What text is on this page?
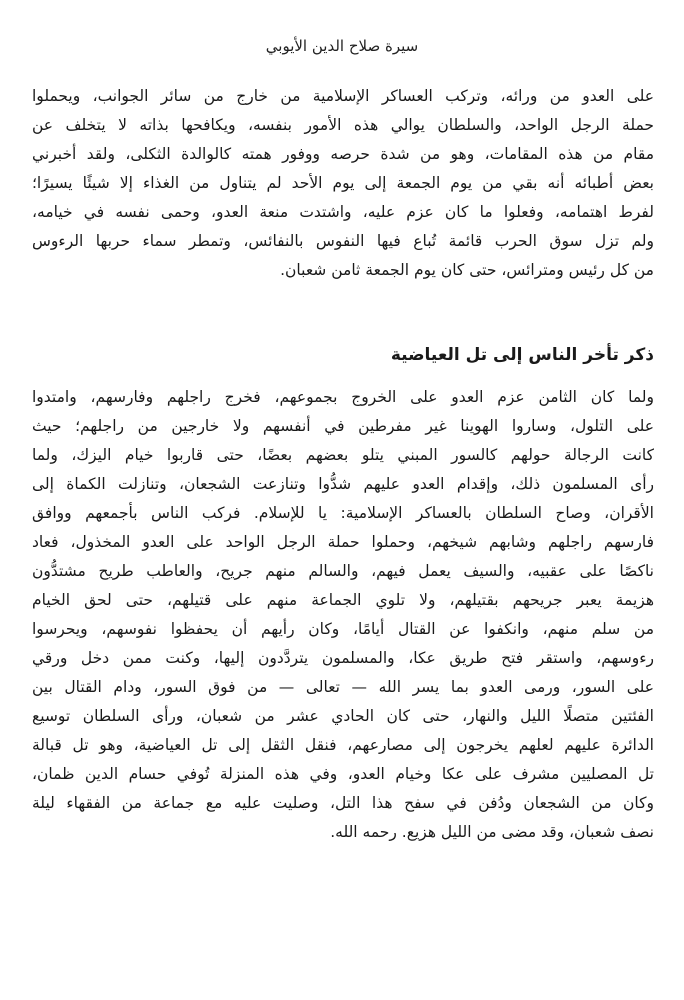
سيرة صلاح الدين الأيوبي
على العدو من ورائه، وتركب العساكر الإسلامية من خارج من سائر الجوانب، ويحملوا
حملة الرجل الواحد، والسلطان يوالي هذه الأمور بنفسه، ويكافحها بذاته لا يتخلف عن
مقام من هذه المقامات، وهو من شدة حرصه ووفور همته كالوالدة الثكلى، ولقد أخبرني
بعض أطبائه أنه بقي من يوم الجمعة إلى يوم الأحد لم يتناول من الغذاء إلا شيئًا يسيرًا؛
لفرط اهتمامه، وفعلوا ما كان عزم عليه، واشتدت منعة العدو، وحمى نفسه في خيامه،
ولم تزل سوق الحرب قائمة تُباع فيها النفوس بالنفائس، وتمطر سماء حربها الرءوس
من كل رئيس ومترائس، حتى كان يوم الجمعة ثامن شعبان.
ذكر تأخر الناس إلى تل العياضية
ولما كان الثامن عزم العدو على الخروج بجموعهم، فخرج راجلهم وفارسهم، وامتدوا
على التلول، وساروا الهوينا غير مفرطين في أنفسهم ولا خارجين من راجلهم؛ حيث
كانت الرجالة حولهم كالسور المبني يتلو بعضهم بعضًا، حتى قاربوا خيام اليزك، ولما
رأى المسلمون ذلك، وإقدام العدو عليهم شدُّوا وتنازعت الشجعان، وتنازلت الكماة إلى
الأقران، وصاح السلطان بالعساكر الإسلامية: يا للإسلام. فركب الناس بأجمعهم ووافق
فارسهم راجلهم وشابهم شيخهم، وحملوا حملة الرجل الواحد على العدو المخذول، فعاد
ناكصًا على عقبيه، والسيف يعمل فيهم، والسالم منهم جريح، والعاطب طريح مشتدُّون
هزيمة يعبر جريحهم بقتيلهم، ولا تلوي الجماعة منهم على قتيلهم، حتى لحق الخيام
من سلم منهم، وانكفوا عن القتال أيامًا، وكان رأيهم أن يحفظوا نفوسهم، ويحرسوا
رءوسهم، واستقر فتح طريق عكا، والمسلمون يتردَّدون إليها، وكنت ممن دخل ورقي
على السور، ورمى العدو بما يسر الله — تعالى — من فوق السور، ودام القتال بين
الفئتين متصلًا الليل والنهار، حتى كان الحادي عشر من شعبان، ورأى السلطان توسيع
الدائرة عليهم لعلهم يخرجون إلى مصارعهم، فنقل الثقل إلى تل العياضية، وهو تل قبالة
تل المصليين مشرف على عكا وخيام العدو، وفي هذه المنزلة تُوفي حسام الدين ظمان،
وكان من الشجعان ودُفن في سفح هذا التل، وصليت عليه مع جماعة من الفقهاء ليلة
نصف شعبان، وقد مضى من الليل هزيع. رحمه الله.
